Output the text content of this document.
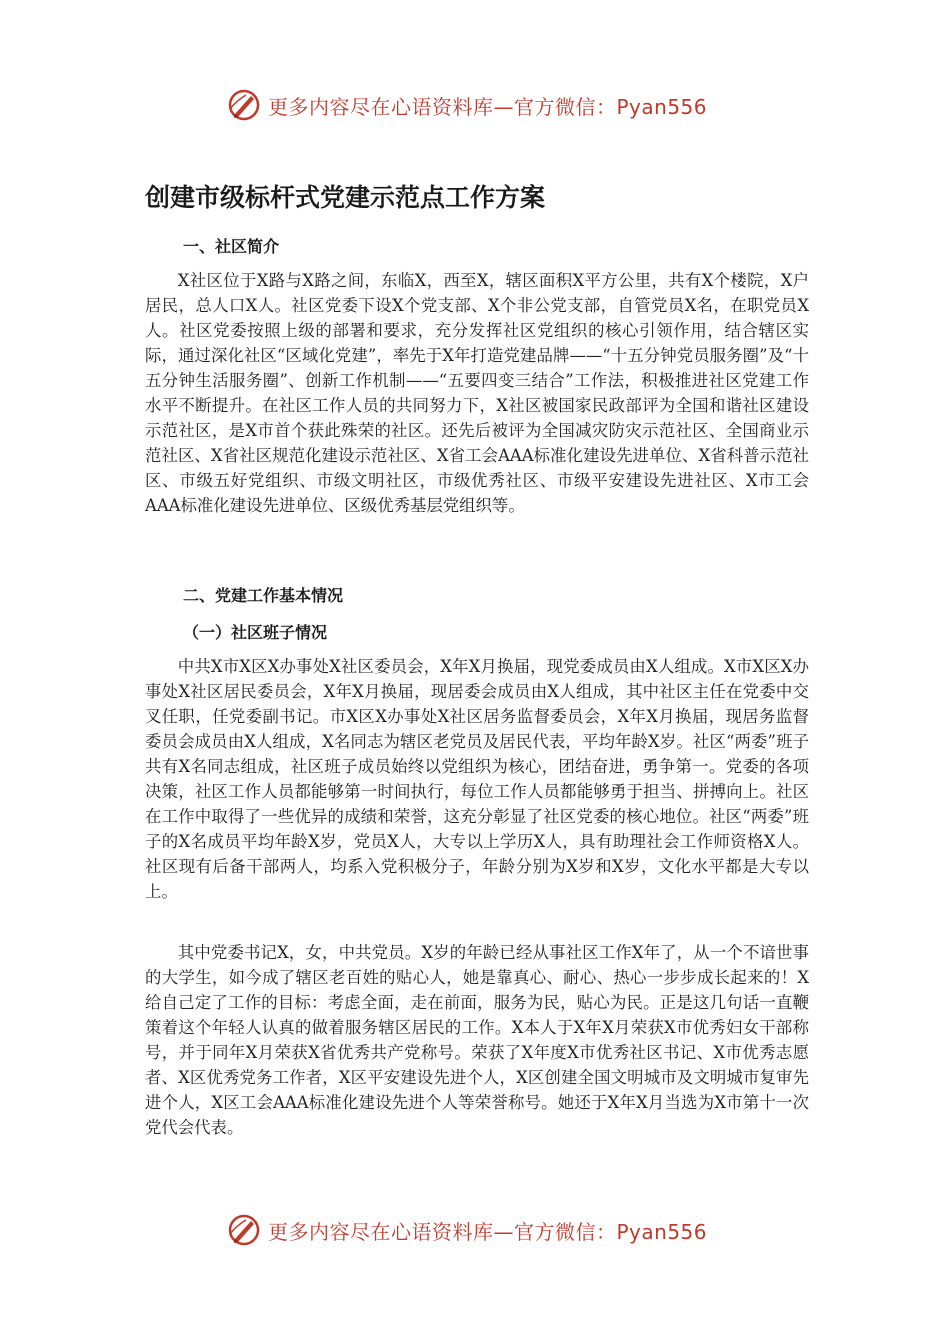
更多内容尽在心语资料库—官方微信：Pyan556
创建市级标杆式党建示范点工作方案
一、社区简介

X社区位于X路与X路之间，东临X，西至X，辖区面积X平方公里，共有X个楼院，X户居民，总人口X人。社区党委下设X个党支部、X个非公党支部，自管党员X名，在职党员X人。社区党委按照上级的部署和要求，充分发挥社区党组织的核心引领作用，结合辖区实际，通过深化社区“区域化党建”，率先于X年打造党建品牌——“十五分钟党员服务圈”及“十五分钟生活服务圈”、创新工作机制——“五要四变三结合”工作法，积极推进社区党建工作水平不断提升。在社区工作人员的共同努力下，X社区被国家民政部评为全国和谐社区建设示范社区，是X市首个获此殊荣的社区。还先后被评为全国减灾防灾示范社区、全国商业示范社区、X省社区规范化建设示范社区、X省工会AAA标准化建设先进单位、X省科普示范社区、市级五好党组织、市级文明社区，市级优秀社区、市级平安建设先进社区、X市工会AAA标准化建设先进单位、区级优秀基层党组织等。

二、党建工作基本情况
（一）社区班子情况

中共X市X区X办事处X社区委员会，X年X月换届，现党委成员由X人组成。X市X区X办事处X社区居民委员会，X年X月换届，现居委会成员由X人组成，其中社区主任在党委中交叉任职，任党委副书记。市X区X办事处X社区居务监督委员会，X年X月换届，现居务监督委员会成员由X人组成，X名同志为辖区老党员及居民代表，平均年龄X岁。社区“两委”班子共有X名同志组成，社区班子成员始终以党组织为核心，团结奋进，勇争第一。党委的各项决策，社区工作人员都能够第一时间执行，每位工作人员都能够勇于担当、拼搏向上。社区在工作中取得了一些优异的成绩和荣誉，这充分彰显了社区党委的核心地位。社区“两委”班子的X名成员平均年龄X岁，党员X人，大专以上学历X人，具有助理社会工作师资格X人。社区现有后备干部两人，均系入党积极分子，年龄分别为X岁和X岁，文化水平都是大专以上。

其中党委书记X，女，中共党员。X岁的年龄已经从事社区工作X年了，从一个不谙世事的大学生，如今成了辖区老百姓的贴心人，她是靠真心、耐心、热心一步步成长起来的！X给自己定了工作的目标：考虑全面，走在前面，服务为民，贴心为民。正是这几句话一直鞭策着这个年轻人认真的做着服务辖区居民的工作。X本人于X年X月荣获X市优秀妇女干部称号，并于同年X月荣获X省优秀共产党称号。荣获了X年度X市优秀社区书记、X市优秀志愿者、X区优秀党务工作者，X区平安建设先进个人，X区创建全国文明城市及文明城市复审先进个人，X区工会AAA标准化建设先进个人等荣誉称号。她还于X年X月当选为X市第十一次党代会代表。

更多内容尽在心语资料库—官方微信：Pyan556
